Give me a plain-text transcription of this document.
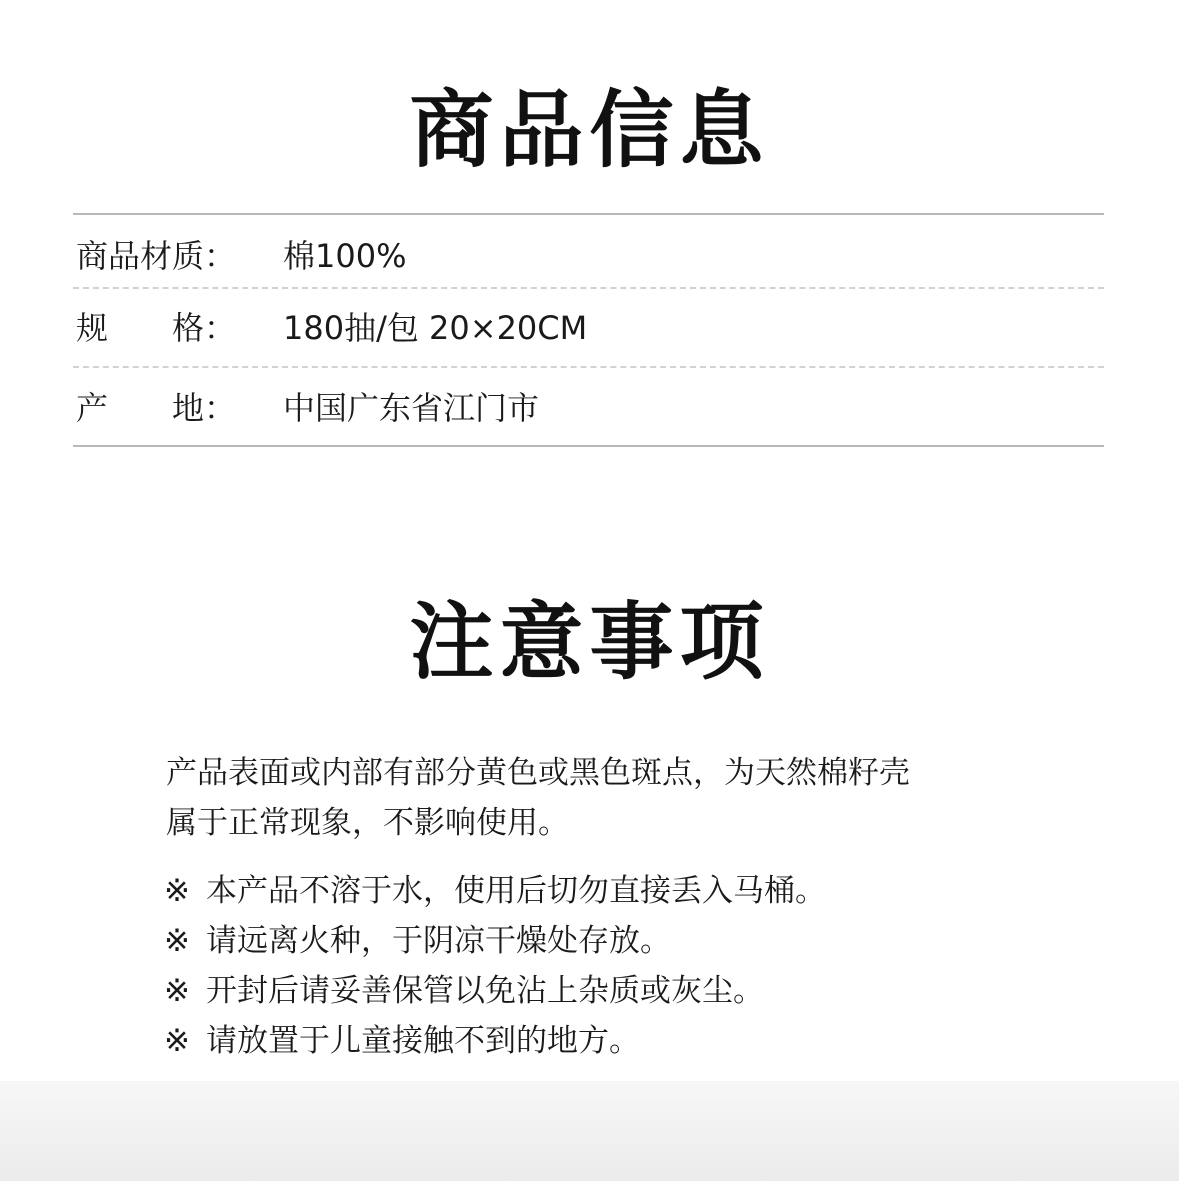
商品信息
商品材质：	棉100%
规　　格：	180抽/包 20×20CM
产　　地：	中国广东省江门市
注意事项
产品表面或内部有部分黄色或黑色斑点，为天然棉籽壳
属于正常现象，不影响使用。
※ 本产品不溶于水，使用后切勿直接丢入马桶。
※ 请远离火种，于阴凉干燥处存放。
※ 开封后请妥善保管以免沾上杂质或灰尘。
※ 请放置于儿童接触不到的地方。
